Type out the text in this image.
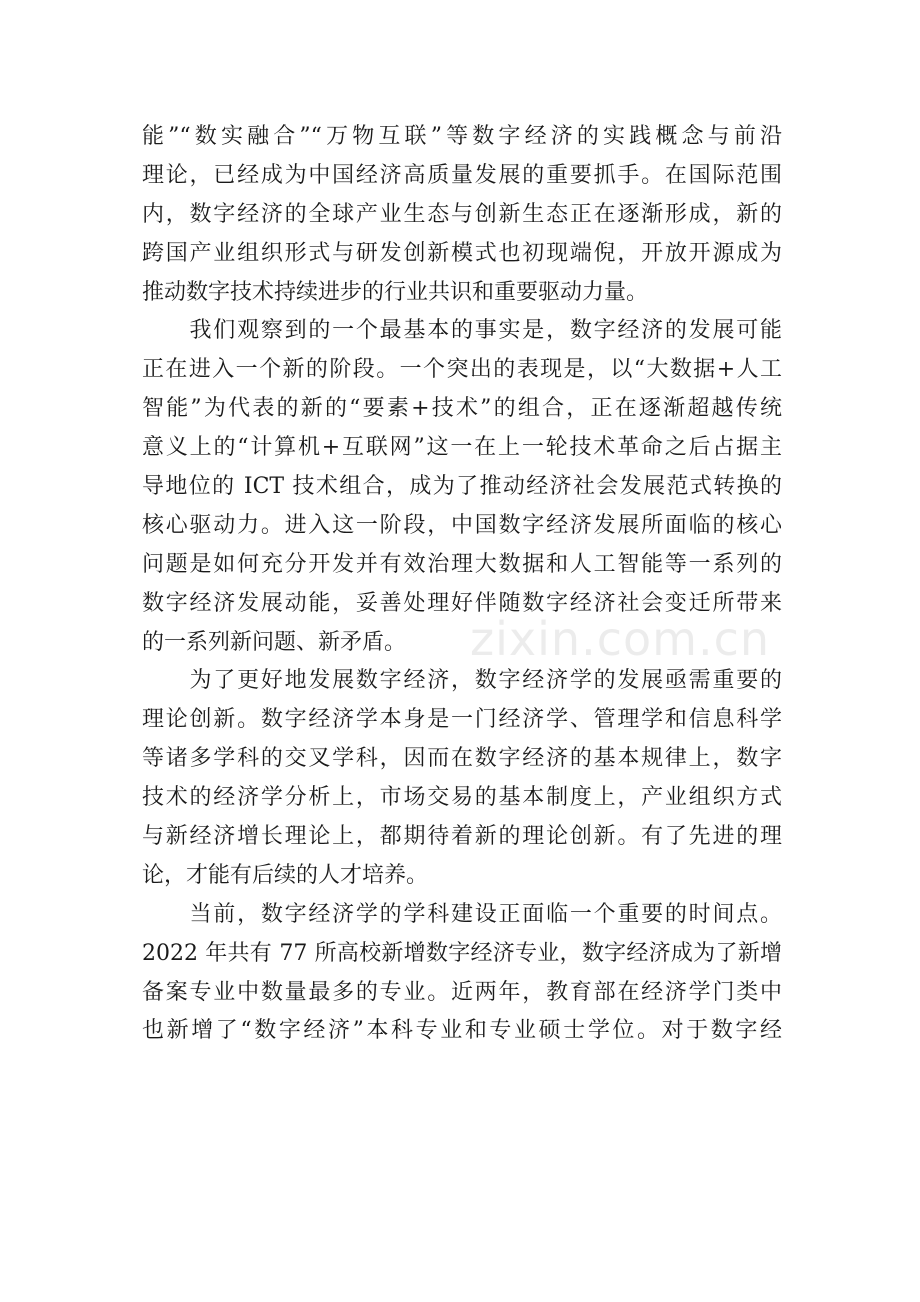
能”“数实融合”“万物互联”等数字经济的实践概念与前沿
理论，已经成为中国经济高质量发展的重要抓手。在国际范围
内，数字经济的全球产业生态与创新生态正在逐渐形成，新的
跨国产业组织形式与研发创新模式也初现端倪，开放开源成为
推动数字技术持续进步的行业共识和重要驱动力量。
　　我们观察到的一个最基本的事实是，数字经济的发展可能
正在进入一个新的阶段。一个突出的表现是，以“大数据+人工
智能”为代表的新的“要素+技术”的组合，正在逐渐超越传统
意义上的“计算机+互联网”这一在上一轮技术革命之后占据主
导地位的 ICT 技术组合，成为了推动经济社会发展范式转换的
核心驱动力。进入这一阶段，中国数字经济发展所面临的核心
问题是如何充分开发并有效治理大数据和人工智能等一系列的
数字经济发展动能，妥善处理好伴随数字经济社会变迁所带来
的一系列新问题、新矛盾。
　　为了更好地发展数字经济，数字经济学的发展亟需重要的
理论创新。数字经济学本身是一门经济学、管理学和信息科学
等诸多学科的交叉学科，因而在数字经济的基本规律上，数字
技术的经济学分析上，市场交易的基本制度上，产业组织方式
与新经济增长理论上，都期待着新的理论创新。有了先进的理
论，才能有后续的人才培养。
　　当前，数字经济学的学科建设正面临一个重要的时间点。
2022 年共有 77 所高校新增数字经济专业，数字经济成为了新增
备案专业中数量最多的专业。近两年，教育部在经济学门类中
也新增了“数字经济”本科专业和专业硕士学位。对于数字经
zixin.com.cn
